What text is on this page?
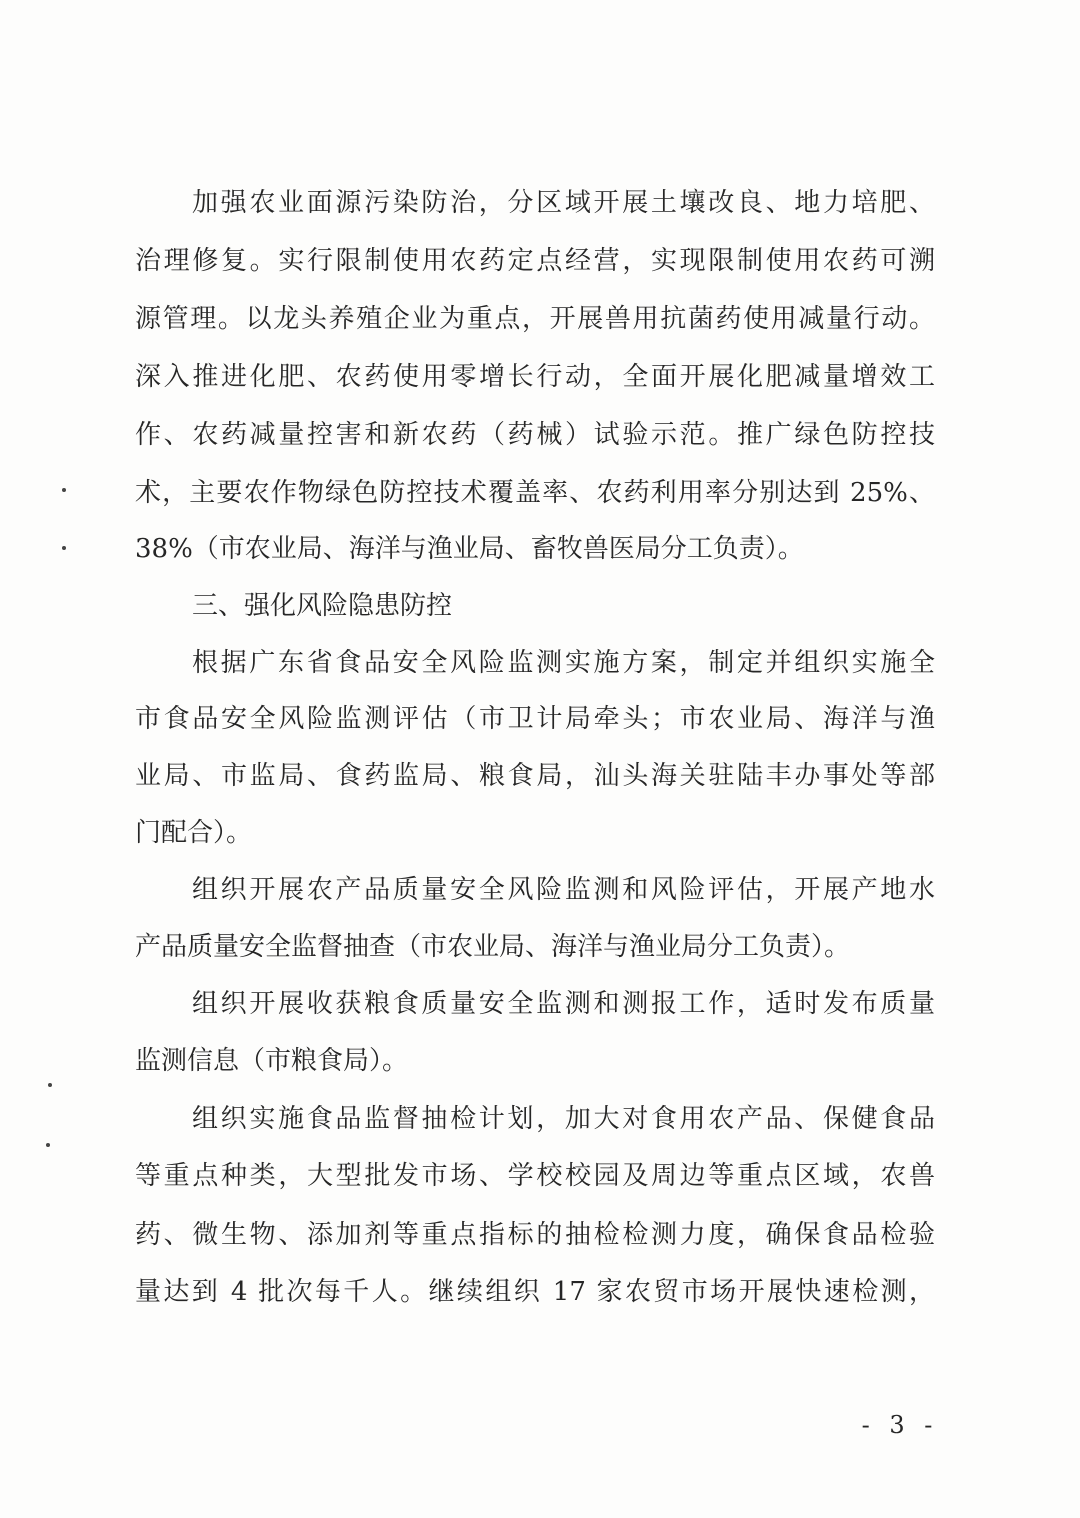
加强农业面源污染防治，分区域开展土壤改良、地力培肥、
治理修复。实行限制使用农药定点经营，实现限制使用农药可溯
源管理。以龙头养殖企业为重点，开展兽用抗菌药使用减量行动。
深入推进化肥、农药使用零增长行动，全面开展化肥减量增效工
作、农药减量控害和新农药（药械）试验示范。推广绿色防控技
术，主要农作物绿色防控技术覆盖率、农药利用率分别达到 25%、
38%（市农业局、海洋与渔业局、畜牧兽医局分工负责）。
三、强化风险隐患防控
根据广东省食品安全风险监测实施方案，制定并组织实施全
市食品安全风险监测评估（市卫计局牵头；市农业局、海洋与渔
业局、市监局、食药监局、粮食局，汕头海关驻陆丰办事处等部
门配合）。
组织开展农产品质量安全风险监测和风险评估，开展产地水
产品质量安全监督抽查（市农业局、海洋与渔业局分工负责）。
组织开展收获粮食质量安全监测和测报工作，适时发布质量
监测信息（市粮食局）。
组织实施食品监督抽检计划，加大对食用农产品、保健食品
等重点种类，大型批发市场、学校校园及周边等重点区域，农兽
药、微生物、添加剂等重点指标的抽检检测力度，确保食品检验
量达到 4 批次每千人。继续组织 17 家农贸市场开展快速检测，
- 3 -
